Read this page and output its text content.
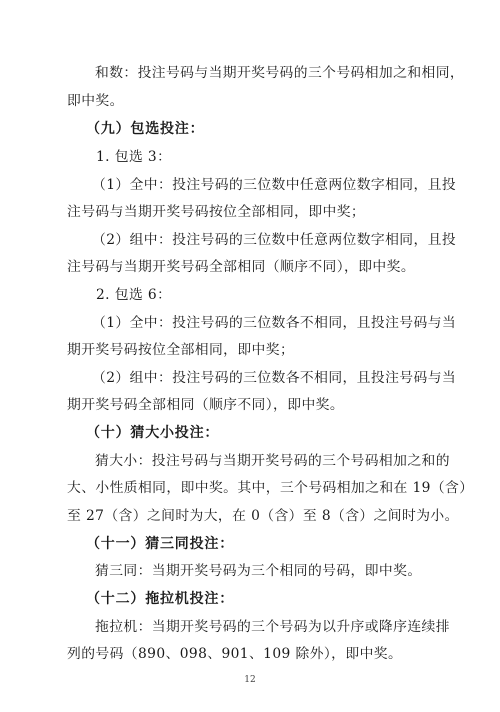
和数：投注号码与当期开奖号码的三个号码相加之和相同，
即中奖。
（九）包选投注：
1. 包选 3：
（1）全中：投注号码的三位数中任意两位数字相同，且投
注号码与当期开奖号码按位全部相同，即中奖；
（2）组中：投注号码的三位数中任意两位数字相同，且投
注号码与当期开奖号码全部相同（顺序不同），即中奖。
2. 包选 6：
（1）全中：投注号码的三位数各不相同，且投注号码与当
期开奖号码按位全部相同，即中奖；
（2）组中：投注号码的三位数各不相同，且投注号码与当
期开奖号码全部相同（顺序不同），即中奖。
（十）猜大小投注：
猜大小：投注号码与当期开奖号码的三个号码相加之和的
大、小性质相同，即中奖。其中，三个号码相加之和在 19（含）
至 27（含）之间时为大，在 0（含）至 8（含）之间时为小。
（十一）猜三同投注：
猜三同：当期开奖号码为三个相同的号码，即中奖。
（十二）拖拉机投注：
拖拉机：当期开奖号码的三个号码为以升序或降序连续排
列的号码（890、098、901、109 除外），即中奖。
12
